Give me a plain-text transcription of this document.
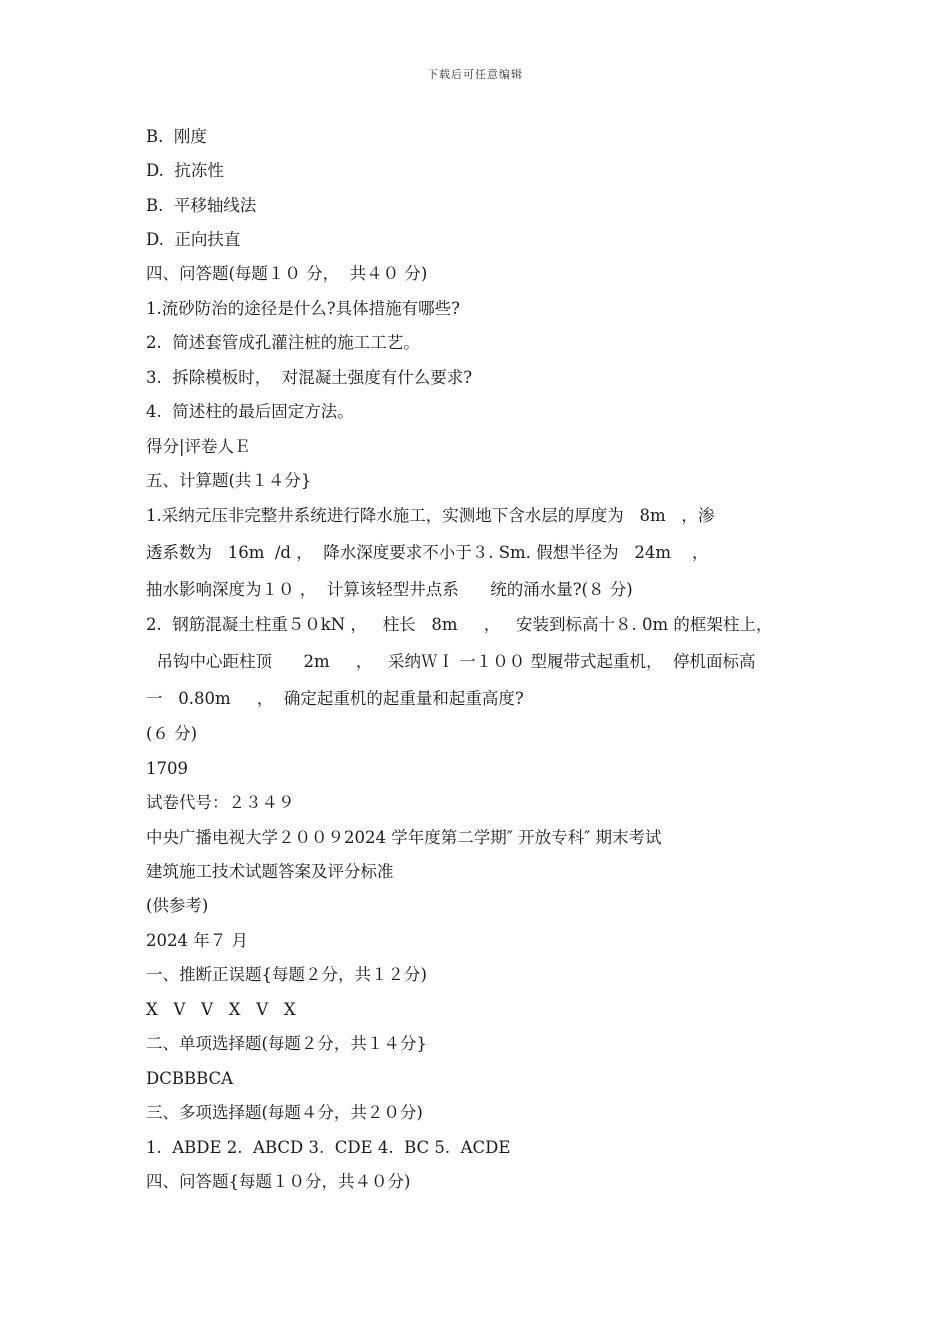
下载后可任意编辑
B.  刚度
D.  抗冻性
B.  平移轴线法
D.  正向扶直
四、问答题(每题１０ 分，  共４０ 分)
1.流砂防治的途径是什么?具体措施有哪些?
2.  简述套管成孔灌注桩的施工工艺。
3.  拆除模板时，  对混凝土强度有什么要求?
4.  简述柱的最后固定方法。
得分|评卷人Ｅ
五、计算题(共１４分}
1.采纳元压非完整井系统进行降水施工，实测地下含水层的厚度为   8m   ，渗
透系数为   16m  /d ，  降水深度要求不小于３. Sm. 假想半径为   24m    ，
抽水影响深度为１０ ，  计算该轻型井点系      统的涌水量?(８ 分)
2.  钢筋混凝土柱重５０kN ，   柱长   8m     ，   安装到标高十８. 0m 的框架柱上，
吊钩中心距柱顶      2m     ，   采纳ＷＩ 一１００ 型履带式起重机，  停机面标高
一   0.80m     ，  确定起重机的起重量和起重高度?
(６ 分)
1709
试卷代号：２３４９
中央广播电视大学２００９2024 学年度第二学期″ 开放专科″ 期末考试
建筑施工技术试题答案及评分标准
(供参考)
2024 年７ 月
一、推断正误题{每题２分，共１２分)
X   V   V   X   V   X
二、单项选择题(每题２分，共１４分}
DCBBBCA
三、多项选择题(每题４分，共２０分)
1.  ABDE 2.  ABCD 3.  CDE 4.  BC 5.  ACDE
四、问答题{每题１０分，共４０分)
